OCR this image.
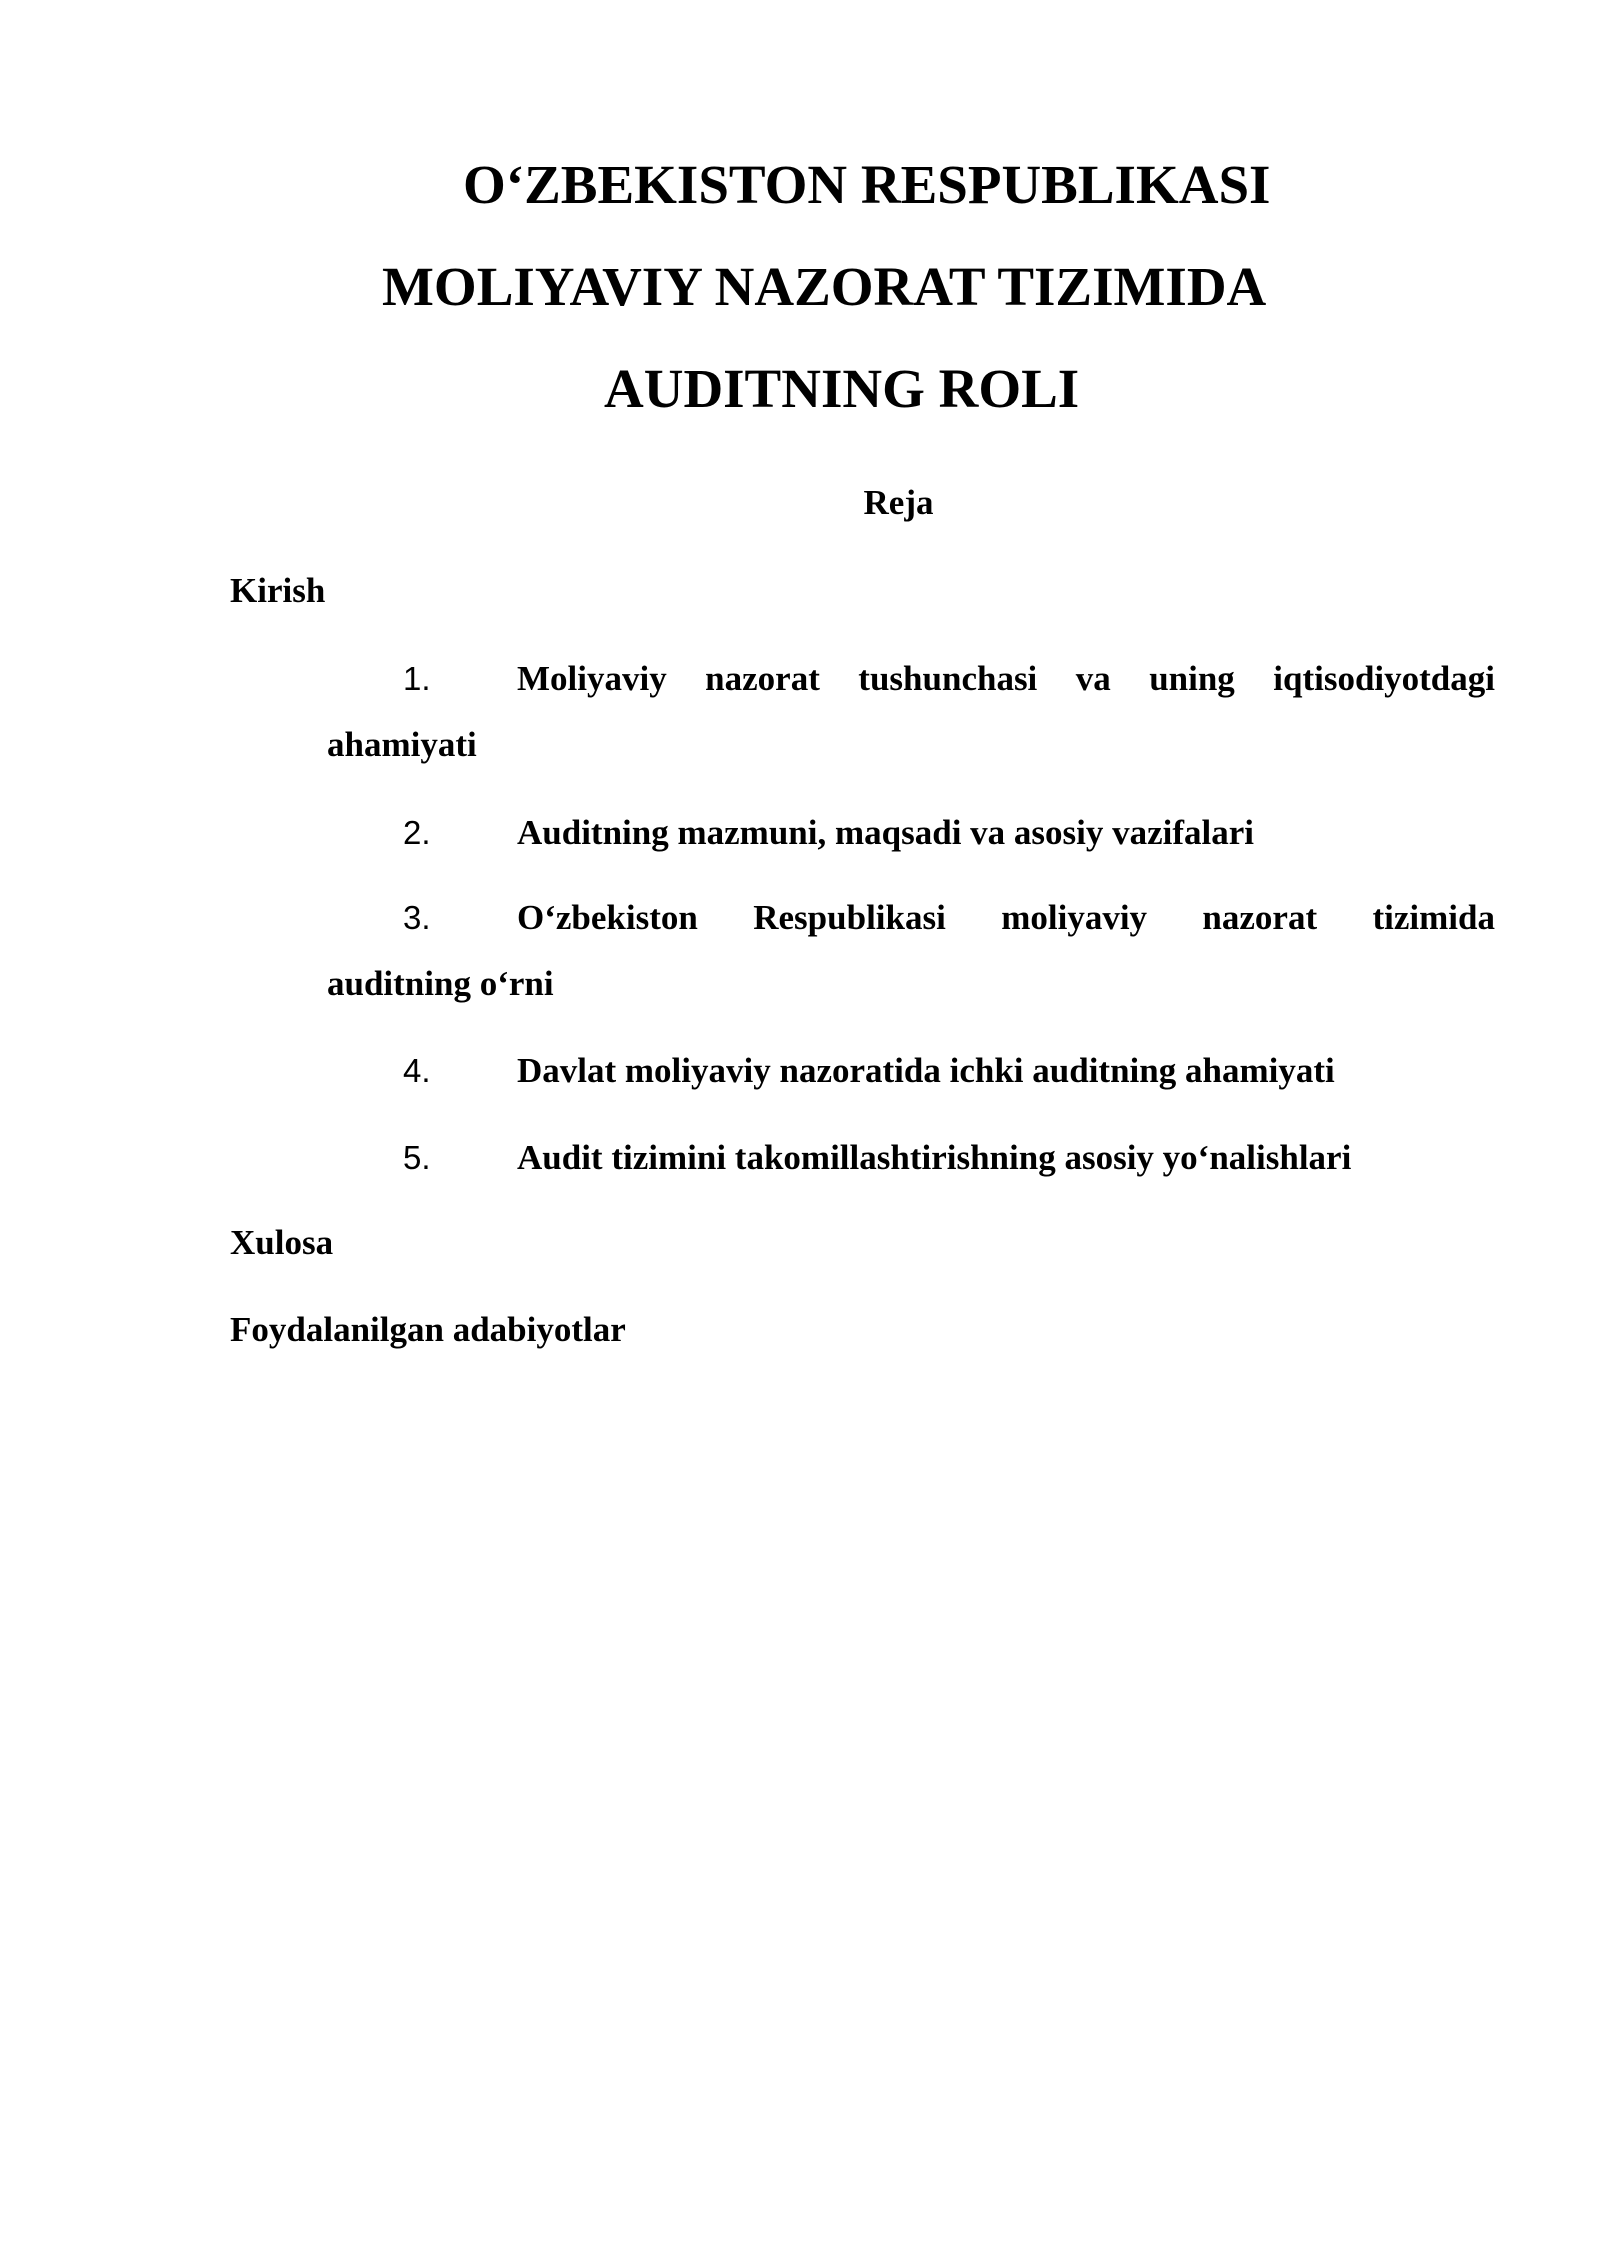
O‘ZBEKISTON RESPUBLIKASI
MOLIYAVIY NAZORAT TIZIMIDA
AUDITNING ROLI
Reja
Kirish
1. Moliyaviy nazorat tushunchasi va uning iqtisodiyotdagi
ahamiyati
2. Auditning mazmuni, maqsadi va asosiy vazifalari
3. O‘zbekiston Respublikasi moliyaviy nazorat tizimida
auditning o‘rni
4. Davlat moliyaviy nazoratida ichki auditning ahamiyati
5. Audit tizimini takomillashtirishning asosiy yo‘nalishlari
Xulosa
Foydalanilgan adabiyotlar
